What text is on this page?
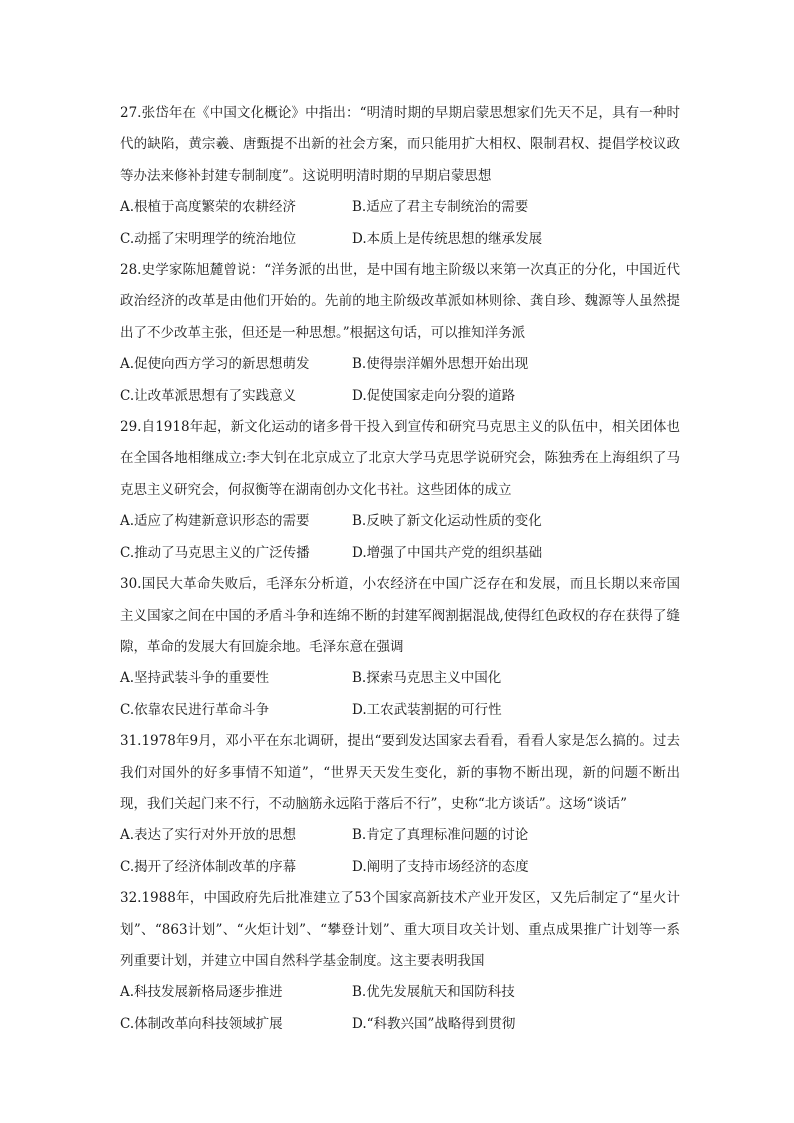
27.张岱年在《中国文化概论》中指出：“明清时期的早期启蒙思想家们先天不足，具有一种时代的缺陷，黄宗羲、唐甄提不出新的社会方案，而只能用扩大相权、限制君权、提倡学校议政等办法来修补封建专制制度”。这说明明清时期的早期启蒙思想

A.根植于高度繁荣的农耕经济	B.适应了君主专制统治的需要
C.动摇了宋明理学的统治地位	D.本质上是传统思想的继承发展

28.史学家陈旭麓曾说：“洋务派的出世，是中国有地主阶级以来第一次真正的分化，中国近代政治经济的改革是由他们开始的。先前的地主阶级改革派如林则徐、龚自珍、魏源等人虽然提出了不少改革主张，但还是一种思想。”根据这句话，可以推知洋务派

A.促使向西方学习的新思想萌发	B.使得崇洋媚外思想开始出现
C.让改革派思想有了实践意义	D.促使国家走向分裂的道路

29.自1918年起，新文化运动的诸多骨干投入到宣传和研究马克思主义的队伍中，相关团体也在全国各地相继成立:李大钊在北京成立了北京大学马克思学说研究会，陈独秀在上海组织了马克思主义研究会，何叔衡等在湖南创办文化书社。这些团体的成立

A.适应了构建新意识形态的需要	B.反映了新文化运动性质的变化
C.推动了马克思主义的广泛传播	D.增强了中国共产党的组织基础

30.国民大革命失败后，毛泽东分析道，小农经济在中国广泛存在和发展，而且长期以来帝国主义国家之间在中国的矛盾斗争和连绵不断的封建军阀割据混战,使得红色政权的存在获得了缝隙，革命的发展大有回旋余地。毛泽东意在强调

A.坚持武装斗争的重要性	B.探索马克思主义中国化
C.依靠农民进行革命斗争	D.工农武装割据的可行性

31.1978年9月，邓小平在东北调研，提出“要到发达国家去看看，看看人家是怎么搞的。过去我们对国外的好多事情不知道”，“世界天天发生变化，新的事物不断出现，新的问题不断出现，我们关起门来不行，不动脑筋永远陷于落后不行”，史称“北方谈话”。这场“谈话”

A.表达了实行对外开放的思想	B.肯定了真理标准问题的讨论
C.揭开了经济体制改革的序幕	D.阐明了支持市场经济的态度

32.1988年，中国政府先后批准建立了53个国家高新技术产业开发区，又先后制定了“星火计划”、“863计划”、“火炬计划”、“攀登计划”、重大项目攻关计划、重点成果推广计划等一系列重要计划，并建立中国自然科学基金制度。这主要表明我国

A.科技发展新格局逐步推进	B.优先发展航天和国防科技
C.体制改革向科技领域扩展	D.“科教兴国”战略得到贯彻
